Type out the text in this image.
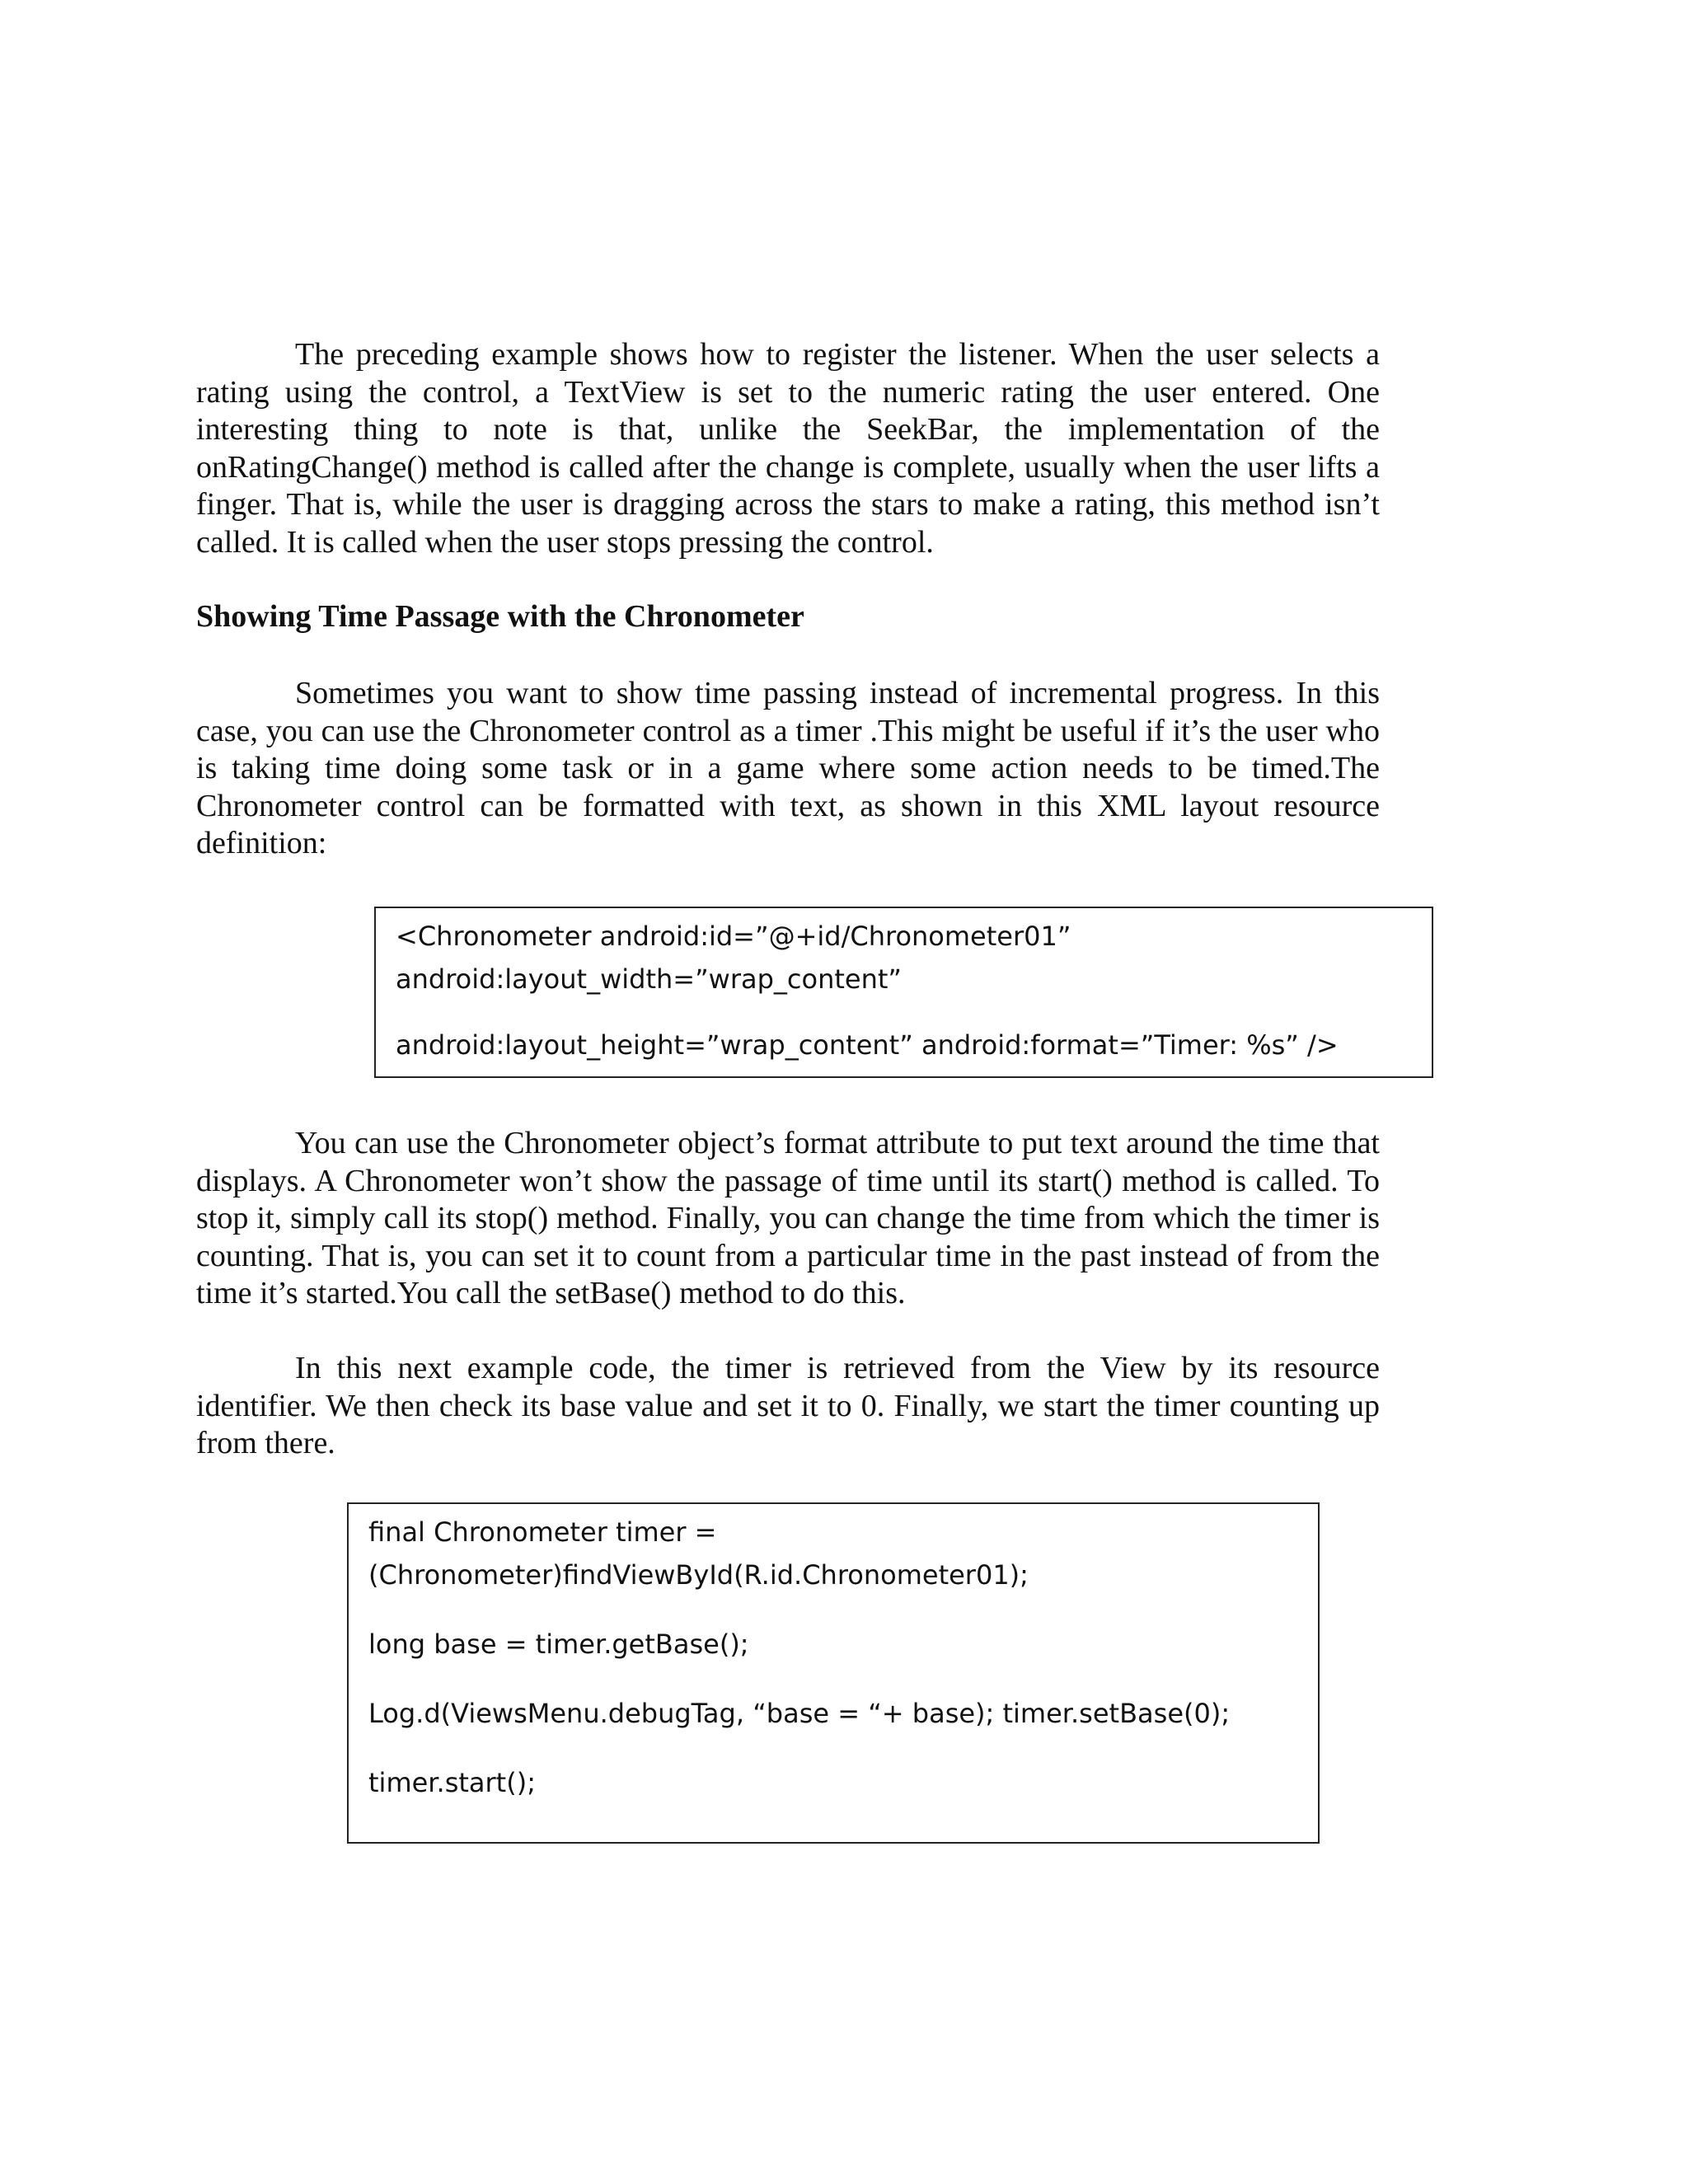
The preceding example shows how to register the listener. When the user selects a rating using the control, a TextView is set to the numeric rating the user entered. One interesting thing to note is that, unlike the SeekBar, the implementation of the onRatingChange() method is called after the change is complete, usually when the user lifts a finger. That is, while the user is dragging across the stars to make a rating, this method isn’t called. It is called when the user stops pressing the control.

Showing Time Passage with the Chronometer

Sometimes you want to show time passing instead of incremental progress. In this case, you can use the Chronometer control as a timer .This might be useful if it’s the user who is taking time doing some task or in a game where some action needs to be timed.The Chronometer control can be formatted with text, as shown in this XML layout resource definition:

<Chronometer android:id=”@+id/Chronometer01”

android:layout_width=”wrap_content”

android:layout_height=”wrap_content” android:format=”Timer: %s” />

You can use the Chronometer object’s format attribute to put text around the time that displays. A Chronometer won’t show the passage of time until its start() method is called. To stop it, simply call its stop() method. Finally, you can change the time from which the timer is counting. That is, you can set it to count from a particular time in the past instead of from the time it’s started.You call the setBase() method to do this.

In this next example code, the timer is retrieved from the View by its resource identifier. We then check its base value and set it to 0. Finally, we start the timer counting up from there.

final Chronometer timer =

(Chronometer)findViewById(R.id.Chronometer01);

long base = timer.getBase();

Log.d(ViewsMenu.debugTag, “base = “+ base); timer.setBase(0);

timer.start();
